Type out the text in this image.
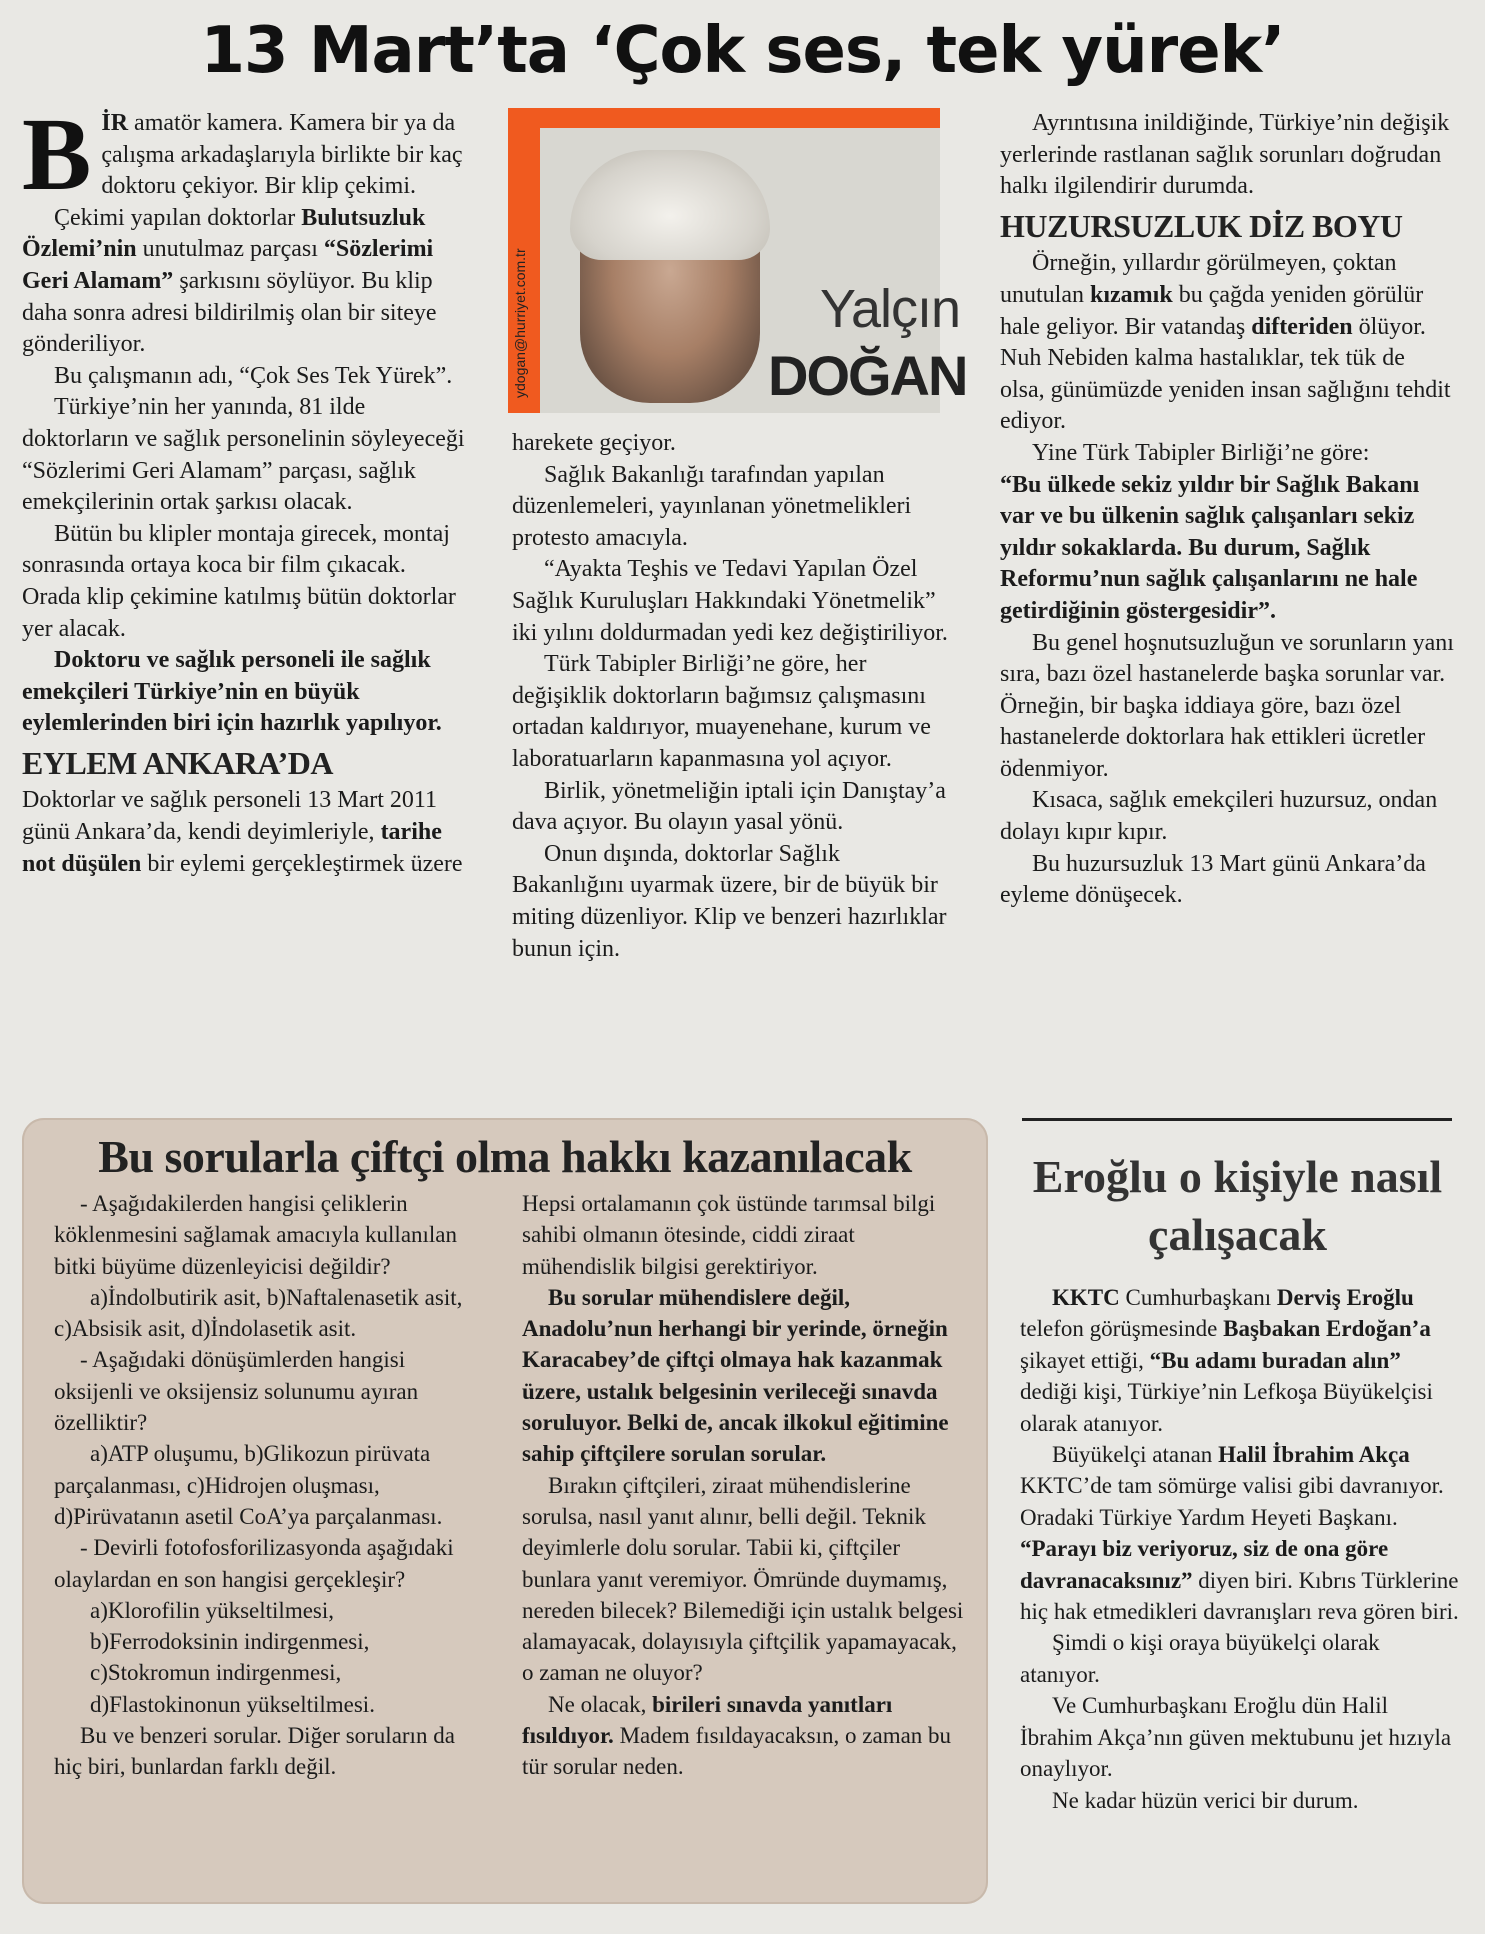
13 Mart’ta ‘Çok ses, tek yürek’

BİR amatör kamera. Kamera bir ya da çalışma arkadaşlarıyla birlikte bir kaç doktoru çekiyor. Bir klip çekimi.

Çekimi yapılan doktorlar Bulutsuzluk Özlemi’nin unutulmaz parçası “Sözlerimi Geri Alamam” şarkısını söylüyor. Bu klip daha sonra adresi bildirilmiş olan bir siteye gönderiliyor.

Bu çalışmanın adı, “Çok Ses Tek Yürek”.

Türkiye’nin her yanında, 81 ilde doktorların ve sağlık personelinin söyleyeceği “Sözlerimi Geri Alamam” parçası, sağlık emekçilerinin ortak şarkısı olacak.

Bütün bu klipler montaja girecek, montaj sonrasında ortaya koca bir film çıkacak. Orada klip çekimine katılmış bütün doktorlar yer alacak.

Doktoru ve sağlık personeli ile sağlık emekçileri Türkiye’nin en büyük eylemlerinden biri için hazırlık yapılıyor.

EYLEM ANKARA’DA

Doktorlar ve sağlık personeli 13 Mart 2011 günü Ankara’da, kendi deyimleriyle, tarihe not düşülen bir eylemi gerçekleştirmek üzere

Yalçın
DOĞAN
ydogan@hurriyet.com.tr

harekete geçiyor.

Sağlık Bakanlığı tarafından yapılan düzenlemeleri, yayınlanan yönetmelikleri protesto amacıyla.

“Ayakta Teşhis ve Tedavi Yapılan Özel Sağlık Kuruluşları Hakkındaki Yönetmelik” iki yılını doldurmadan yedi kez değiştiriliyor.

Türk Tabipler Birliği’ne göre, her değişiklik doktorların bağımsız çalışmasını ortadan kaldırıyor, muayenehane, kurum ve laboratuarların kapanmasına yol açıyor.

Birlik, yönetmeliğin iptali için Danıştay’a dava açıyor. Bu olayın yasal yönü.

Onun dışında, doktorlar Sağlık Bakanlığını uyarmak üzere, bir de büyük bir miting düzenliyor. Klip ve benzeri hazırlıklar bunun için.

Ayrıntısına inildiğinde, Türkiye’nin değişik yerlerinde rastlanan sağlık sorunları doğrudan halkı ilgilendirir durumda.

HUZURSUZLUK DİZ BOYU

Örneğin, yıllardır görülmeyen, çoktan unutulan kızamık bu çağda yeniden görülür hale geliyor. Bir vatandaş difteriden ölüyor. Nuh Nebiden kalma hastalıklar, tek tük de olsa, günümüzde yeniden insan sağlığını tehdit ediyor.

Yine Türk Tabipler Birliği’ne göre:

“Bu ülkede sekiz yıldır bir Sağlık Bakanı var ve bu ülkenin sağlık çalışanları sekiz yıldır sokaklarda. Bu durum, Sağlık Reformu’nun sağlık çalışanlarını ne hale getirdiğinin göstergesidir”.

Bu genel hoşnutsuzluğun ve sorunların yanı sıra, bazı özel hastanelerde başka sorunlar var. Örneğin, bir başka iddiaya göre, bazı özel hastanelerde doktorlara hak ettikleri ücretler ödenmiyor.

Kısaca, sağlık emekçileri huzursuz, ondan dolayı kıpır kıpır.

Bu huzursuzluk 13 Mart günü Ankara’da eyleme dönüşecek.

Bu sorularla çiftçi olma hakkı kazanılacak

- Aşağıdakilerden hangisi çeliklerin köklenmesini sağlamak amacıyla kullanılan bitki büyüme düzenleyicisi değildir?

a)İndolbutirik asit, b)Naftalenasetik asit, c)Absisik asit, d)İndolasetik asit.

- Aşağıdaki dönüşümlerden hangisi oksijenli ve oksijensiz solunumu ayıran özelliktir?

a)ATP oluşumu, b)Glikozun pirüvata parçalanması, c)Hidrojen oluşması, d)Pirüvatanın asetil CoA’ya parçalanması.

- Devirli fotofosforilizasyonda aşağıdaki olaylardan en son hangisi gerçekleşir?

a)Klorofilin yükseltilmesi,

b)Ferrodoksinin indirgenmesi,

c)Stokromun indirgenmesi,

d)Flastokinonun yükseltilmesi.

Bu ve benzeri sorular. Diğer soruların da hiç biri, bunlardan farklı değil.

Hepsi ortalamanın çok üstünde tarımsal bilgi sahibi olmanın ötesinde, ciddi ziraat mühendislik bilgisi gerektiriyor.

Bu sorular mühendislere değil, Anadolu’nun herhangi bir yerinde, örneğin Karacabey’de çiftçi olmaya hak kazanmak üzere, ustalık belgesinin verileceği sınavda soruluyor. Belki de, ancak ilkokul eğitimine sahip çiftçilere sorulan sorular.

Bırakın çiftçileri, ziraat mühendislerine sorulsa, nasıl yanıt alınır, belli değil. Teknik deyimlerle dolu sorular. Tabii ki, çiftçiler bunlara yanıt veremiyor. Ömründe duymamış, nereden bilecek? Bilemediği için ustalık belgesi alamayacak, dolayısıyla çiftçilik yapamayacak, o zaman ne oluyor?

Ne olacak, birileri sınavda yanıtları fısıldıyor. Madem fısıldayacaksın, o zaman bu tür sorular neden.

Eroğlu o kişiyle nasıl çalışacak

KKTC Cumhurbaşkanı Derviş Eroğlu telefon görüşmesinde Başbakan Erdoğan’a şikayet ettiği, “Bu adamı buradan alın” dediği kişi, Türkiye’nin Lefkoşa Büyükelçisi olarak atanıyor.

Büyükelçi atanan Halil İbrahim Akça KKTC’de tam sömürge valisi gibi davranıyor. Oradaki Türkiye Yardım Heyeti Başkanı. “Parayı biz veriyoruz, siz de ona göre davranacaksınız” diyen biri. Kıbrıs Türklerine hiç hak etmedikleri davranışları reva gören biri.

Şimdi o kişi oraya büyükelçi olarak atanıyor.

Ve Cumhurbaşkanı Eroğlu dün Halil İbrahim Akça’nın güven mektubunu jet hızıyla onaylıyor.

Ne kadar hüzün verici bir durum.
